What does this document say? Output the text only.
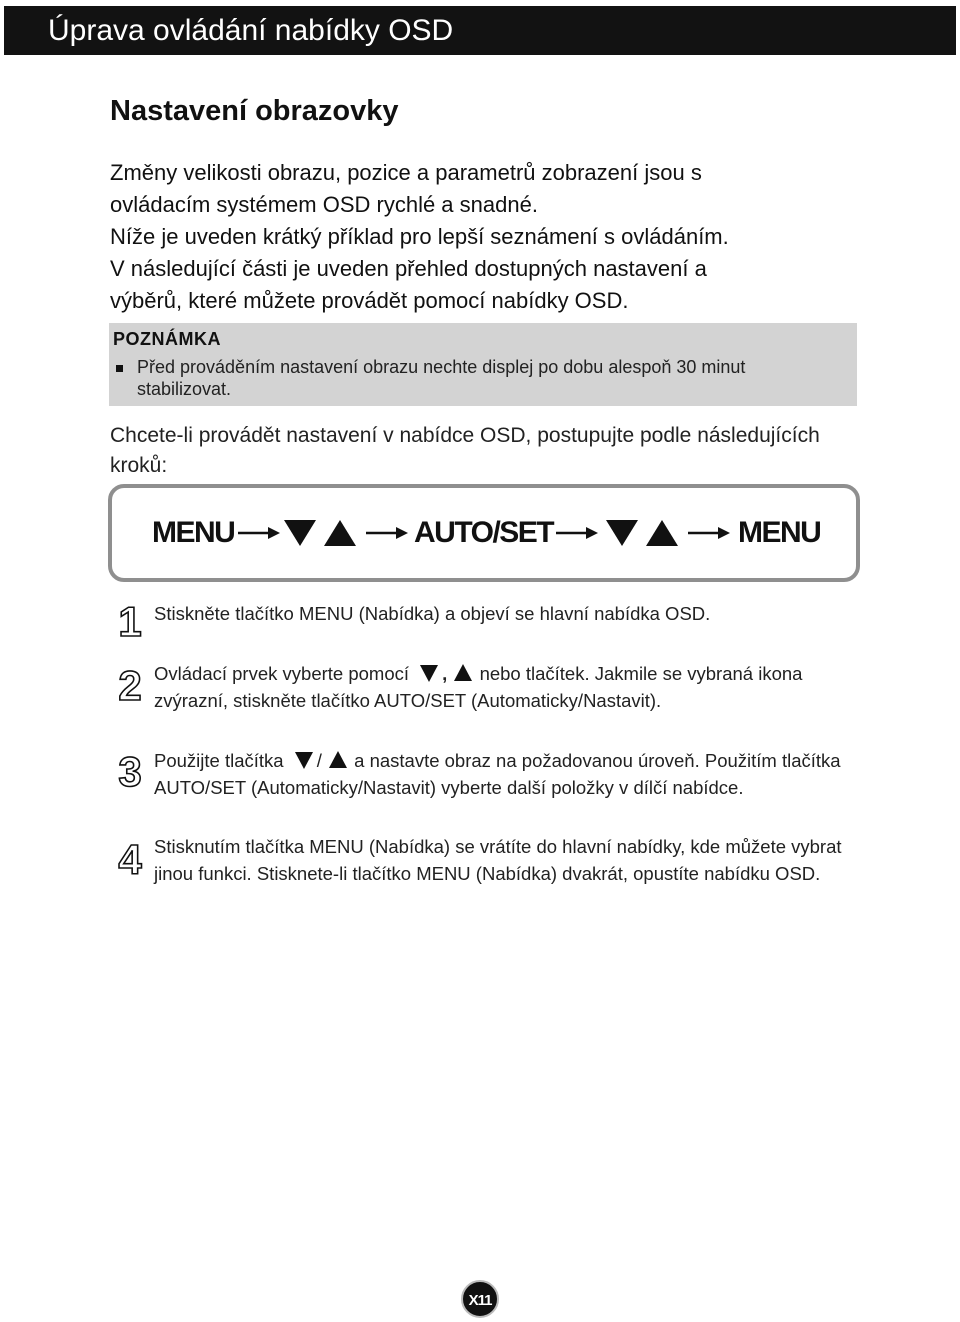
Úprava ovládání nabídky OSD
Nastavení obrazovky
Změny velikosti obrazu, pozice a parametrů zobrazení jsou s
ovládacím systémem OSD rychlé a snadné.
Níže je uveden krátký příklad pro lepší seznámení s ovládáním.
V následující části je uveden přehled dostupných nastavení a
výběrů, které můžete provádět pomocí nabídky OSD.
POZNÁMKA
Před prováděním nastavení obrazu nechte displej po dobu alespoň 30 minut stabilizovat.
Chcete-li provádět nastavení v nabídce OSD, postupujte podle následujících kroků:
MENU	AUTO/SET	MENU
1 Stiskněte tlačítko MENU (Nabídka) a objeví se hlavní nabídka OSD.
2 Ovládací prvek vyberte pomocí , nebo tlačítek. Jakmile se vybraná ikona zvýrazní, stiskněte tlačítko AUTO/SET (Automaticky/Nastavit).
3 Použijte tlačítka / a nastavte obraz na požadovanou úroveň. Použitím tlačítka AUTO/SET (Automaticky/Nastavit) vyberte další položky v dílčí nabídce.
4 Stisknutím tlačítka MENU (Nabídka) se vrátíte do hlavní nabídky, kde můžete vybrat jinou funkci. Stisknete-li tlačítko MENU (Nabídka) dvakrát, opustíte nabídku OSD.
X11
